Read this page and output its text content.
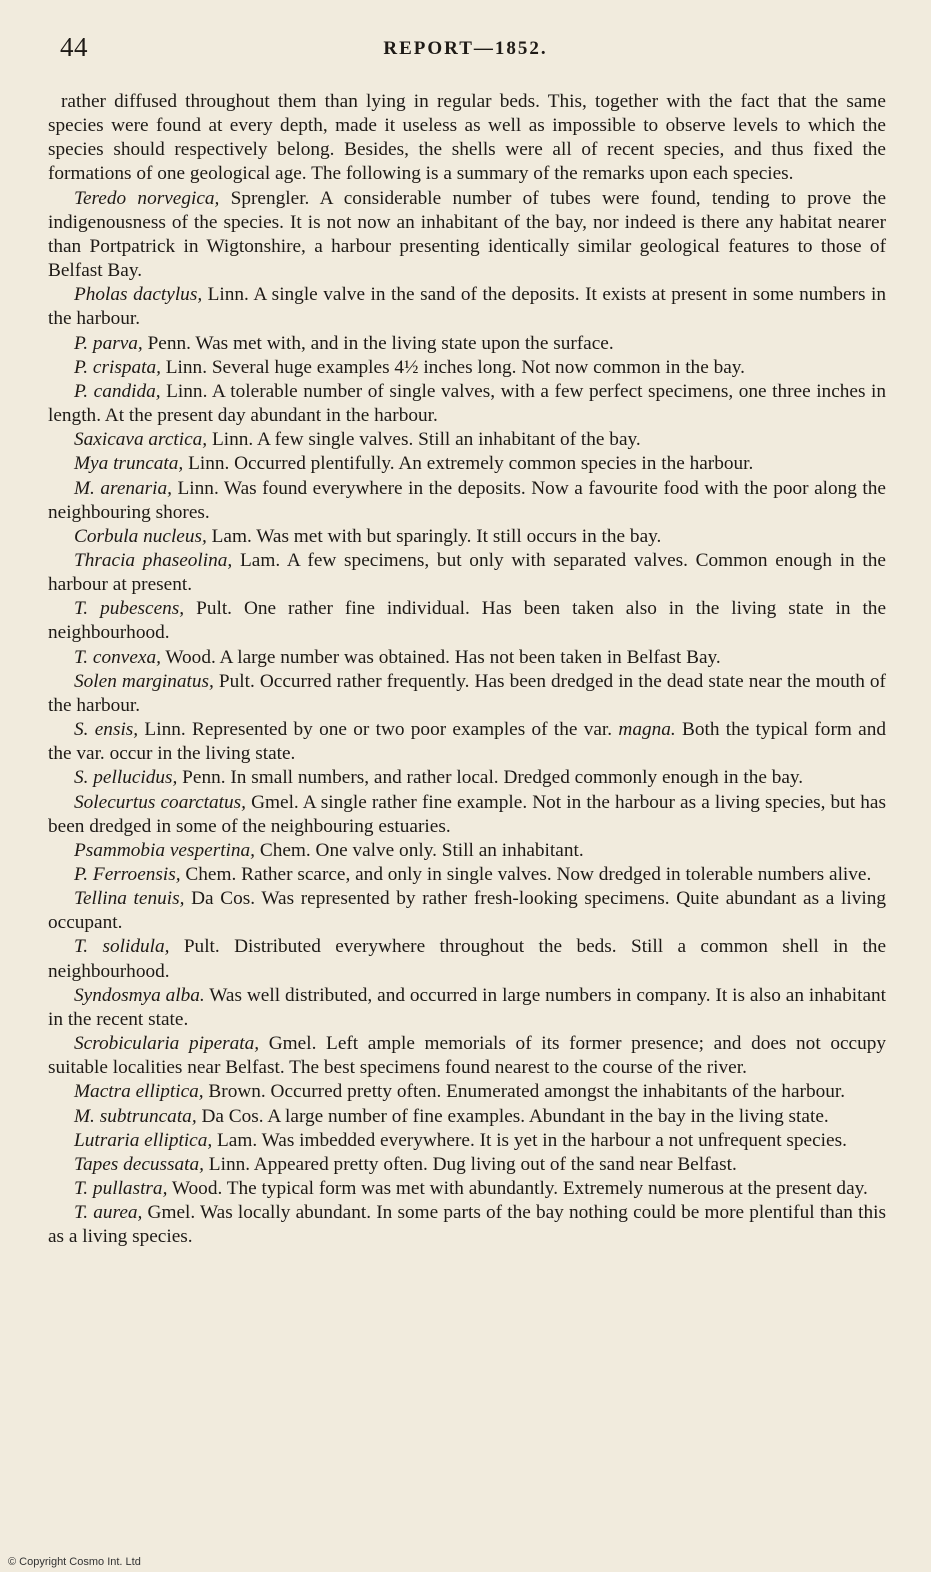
44	REPORT—1852.

rather diffused throughout them than lying in regular beds. This, together with the fact that the same species were found at every depth, made it useless as well as impossible to observe levels to which the species should respectively belong. Besides, the shells were all of recent species, and thus fixed the formations of one geological age. The following is a summary of the remarks upon each species.

Teredo norvegica, Sprengler. A considerable number of tubes were found, tending to prove the indigenousness of the species. It is not now an inhabitant of the bay, nor indeed is there any habitat nearer than Portpatrick in Wigtonshire, a harbour presenting identically similar geological features to those of Belfast Bay.

Pholas dactylus, Linn. A single valve in the sand of the deposits. It exists at present in some numbers in the harbour.

P. parva, Penn. Was met with, and in the living state upon the surface.

P. crispata, Linn. Several huge examples 4½ inches long. Not now common in the bay.

P. candida, Linn. A tolerable number of single valves, with a few perfect specimens, one three inches in length. At the present day abundant in the harbour.

Saxicava arctica, Linn. A few single valves. Still an inhabitant of the bay.

Mya truncata, Linn. Occurred plentifully. An extremely common species in the harbour.

M. arenaria, Linn. Was found everywhere in the deposits. Now a favourite food with the poor along the neighbouring shores.

Corbula nucleus, Lam. Was met with but sparingly. It still occurs in the bay.

Thracia phaseolina, Lam. A few specimens, but only with separated valves. Common enough in the harbour at present.

T. pubescens, Pult. One rather fine individual. Has been taken also in the living state in the neighbourhood.

T. convexa, Wood. A large number was obtained. Has not been taken in Belfast Bay.

Solen marginatus, Pult. Occurred rather frequently. Has been dredged in the dead state near the mouth of the harbour.

S. ensis, Linn. Represented by one or two poor examples of the var. magna. Both the typical form and the var. occur in the living state.

S. pellucidus, Penn. In small numbers, and rather local. Dredged commonly enough in the bay.

Solecurtus coarctatus, Gmel. A single rather fine example. Not in the harbour as a living species, but has been dredged in some of the neighbouring estuaries.

Psammobia vespertina, Chem. One valve only. Still an inhabitant.

P. Ferroensis, Chem. Rather scarce, and only in single valves. Now dredged in tolerable numbers alive.

Tellina tenuis, Da Cos. Was represented by rather fresh-looking specimens. Quite abundant as a living occupant.

T. solidula, Pult. Distributed everywhere throughout the beds. Still a common shell in the neighbourhood.

Syndosmya alba. Was well distributed, and occurred in large numbers in company. It is also an inhabitant in the recent state.

Scrobicularia piperata, Gmel. Left ample memorials of its former presence; and does not occupy suitable localities near Belfast. The best specimens found nearest to the course of the river.

Mactra elliptica, Brown. Occurred pretty often. Enumerated amongst the inhabitants of the harbour.

M. subtruncata, Da Cos. A large number of fine examples. Abundant in the bay in the living state.

Lutraria elliptica, Lam. Was imbedded everywhere. It is yet in the harbour a not unfrequent species.

Tapes decussata, Linn. Appeared pretty often. Dug living out of the sand near Belfast.

T. pullastra, Wood. The typical form was met with abundantly. Extremely numerous at the present day.

T. aurea, Gmel. Was locally abundant. In some parts of the bay nothing could be more plentiful than this as a living species.

© Copyright Cosmo Int. Ltd
